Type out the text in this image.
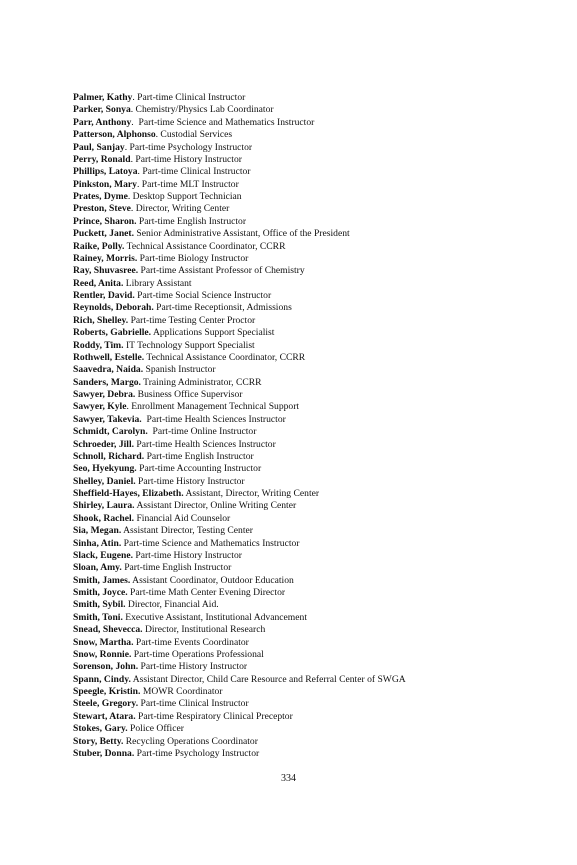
Palmer, Kathy. Part-time Clinical Instructor
Parker, Sonya. Chemistry/Physics Lab Coordinator
Parr, Anthony.  Part-time Science and Mathematics Instructor
Patterson, Alphonso. Custodial Services
Paul, Sanjay. Part-time Psychology Instructor
Perry, Ronald. Part-time History Instructor
Phillips, Latoya. Part-time Clinical Instructor
Pinkston, Mary. Part-time MLT Instructor
Prates, Dyme. Desktop Support Technician
Preston, Steve. Director, Writing Center
Prince, Sharon. Part-time English Instructor
Puckett, Janet. Senior Administrative Assistant, Office of the President
Raike, Polly. Technical Assistance Coordinator, CCRR
Rainey, Morris. Part-time Biology Instructor
Ray, Shuvasree. Part-time Assistant Professor of Chemistry
Reed, Anita. Library Assistant
Rentler, David. Part-time Social Science Instructor
Reynolds, Deborah. Part-time Receptionsit, Admissions
Rich, Shelley. Part-time Testing Center Proctor
Roberts, Gabrielle. Applications Support Specialist
Roddy, Tim. IT Technology Support Specialist
Rothwell, Estelle. Technical Assistance Coordinator, CCRR
Saavedra, Naida. Spanish Instructor
Sanders, Margo. Training Administrator, CCRR
Sawyer, Debra. Business Office Supervisor
Sawyer, Kyle. Enrollment Management Technical Support
Sawyer, Takevia.  Part-time Health Sciences Instructor
Schmidt, Carolyn.  Part-time Online Instructor
Schroeder, Jill. Part-time Health Sciences Instructor
Schnoll, Richard. Part-time English Instructor
Seo, Hyekyung. Part-time Accounting Instructor
Shelley, Daniel. Part-time History Instructor
Sheffield-Hayes, Elizabeth. Assistant, Director, Writing Center
Shirley, Laura. Assistant Director, Online Writing Center
Shook, Rachel. Financial Aid Counselor
Sia, Megan. Assistant Director, Testing Center
Sinha, Atin. Part-time Science and Mathematics Instructor
Slack, Eugene. Part-time History Instructor
Sloan, Amy. Part-time English Instructor
Smith, James. Assistant Coordinator, Outdoor Education
Smith, Joyce. Part-time Math Center Evening Director
Smith, Sybil. Director, Financial Aid.
Smith, Toni. Executive Assistant, Institutional Advancement
Snead, Shevecca. Director, Institutional Research
Snow, Martha. Part-time Events Coordinator
Snow, Ronnie. Part-time Operations Professional
Sorenson, John. Part-time History Instructor
Spann, Cindy. Assistant Director, Child Care Resource and Referral Center of SWGA
Speegle, Kristin. MOWR Coordinator
Steele, Gregory. Part-time Clinical Instructor
Stewart, Atara. Part-time Respiratory Clinical Preceptor
Stokes, Gary. Police Officer
Story, Betty. Recycling Operations Coordinator
Stuber, Donna. Part-time Psychology Instructor
334
